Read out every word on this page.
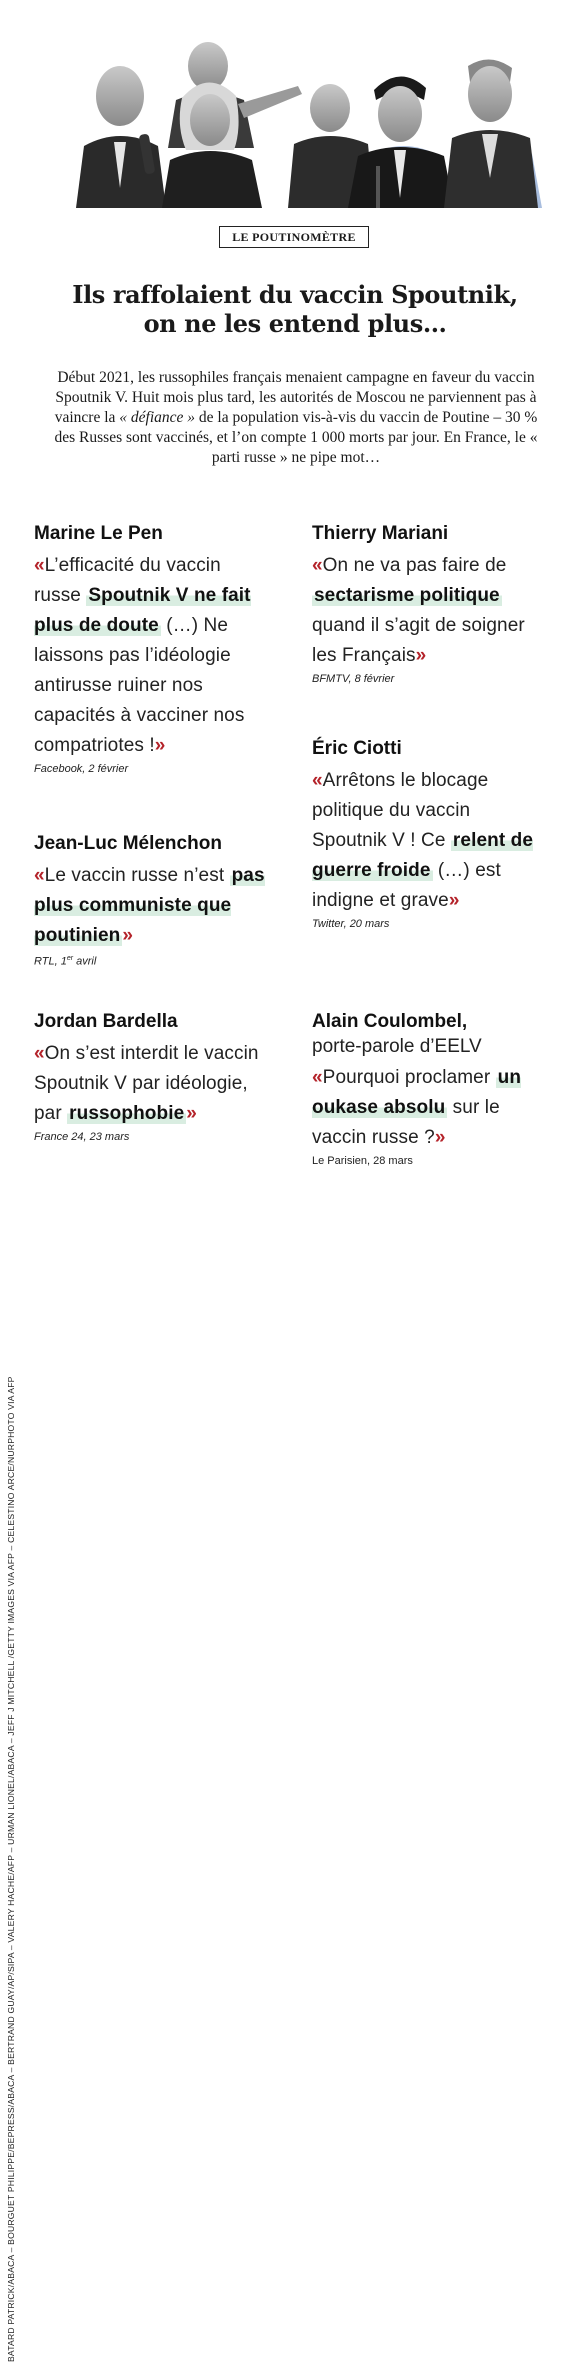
BATARD PATRICK/ABACA – BOURGUET PHILIPPE/BEPRESS/ABACA – BERTRAND GUAY/AP/SIPA – VALERY HACHE/AFP – URMAN LIONEL/ABACA – JEFF J MITCHELL /GETTY IMAGES VIA AFP – CELESTINO ARCE/NURPHOTO VIA AFP
LE POUTINOMÈTRE
Ils raffolaient du vaccin Spoutnik,
on ne les entend plus…

Début 2021, les russophiles français menaient campagne en faveur du vaccin Spoutnik V. Huit mois plus tard, les autorités de Moscou ne parviennent pas à vaincre la « défiance » de la population vis-à-vis du vaccin de Poutine – 30 % des Russes sont vaccinés, et l’on compte 1 000 morts par jour. En France, le « parti russe » ne pipe mot…

Marine Le Pen

«L’efficacité du vaccin russe Spoutnik V ne fait plus de doute (…) Ne laissons pas l’idéologie antirusse ruiner nos capacités à vacciner nos compatriotes !»

Facebook, 2 février

Jean-Luc Mélenchon

«Le vaccin russe n’est pas plus communiste que poutinien »

RTL, 1er avril

Jordan Bardella

«On s’est interdit le vaccin Spoutnik V par idéologie, par russophobie »

France 24, 23 mars

Thierry Mariani

«On ne va pas faire de sectarisme politique quand il s’agit de soigner les Français»

BFMTV, 8 février

Éric Ciotti

«Arrêtons le blocage politique du vaccin Spoutnik V ! Ce relent de guerre froide (…) est indigne et grave»

Twitter, 20 mars

Alain Coulombel,

porte-parole d’EELV

«Pourquoi proclamer un oukase absolu sur le vaccin russe ?»

Le Parisien, 28 mars
